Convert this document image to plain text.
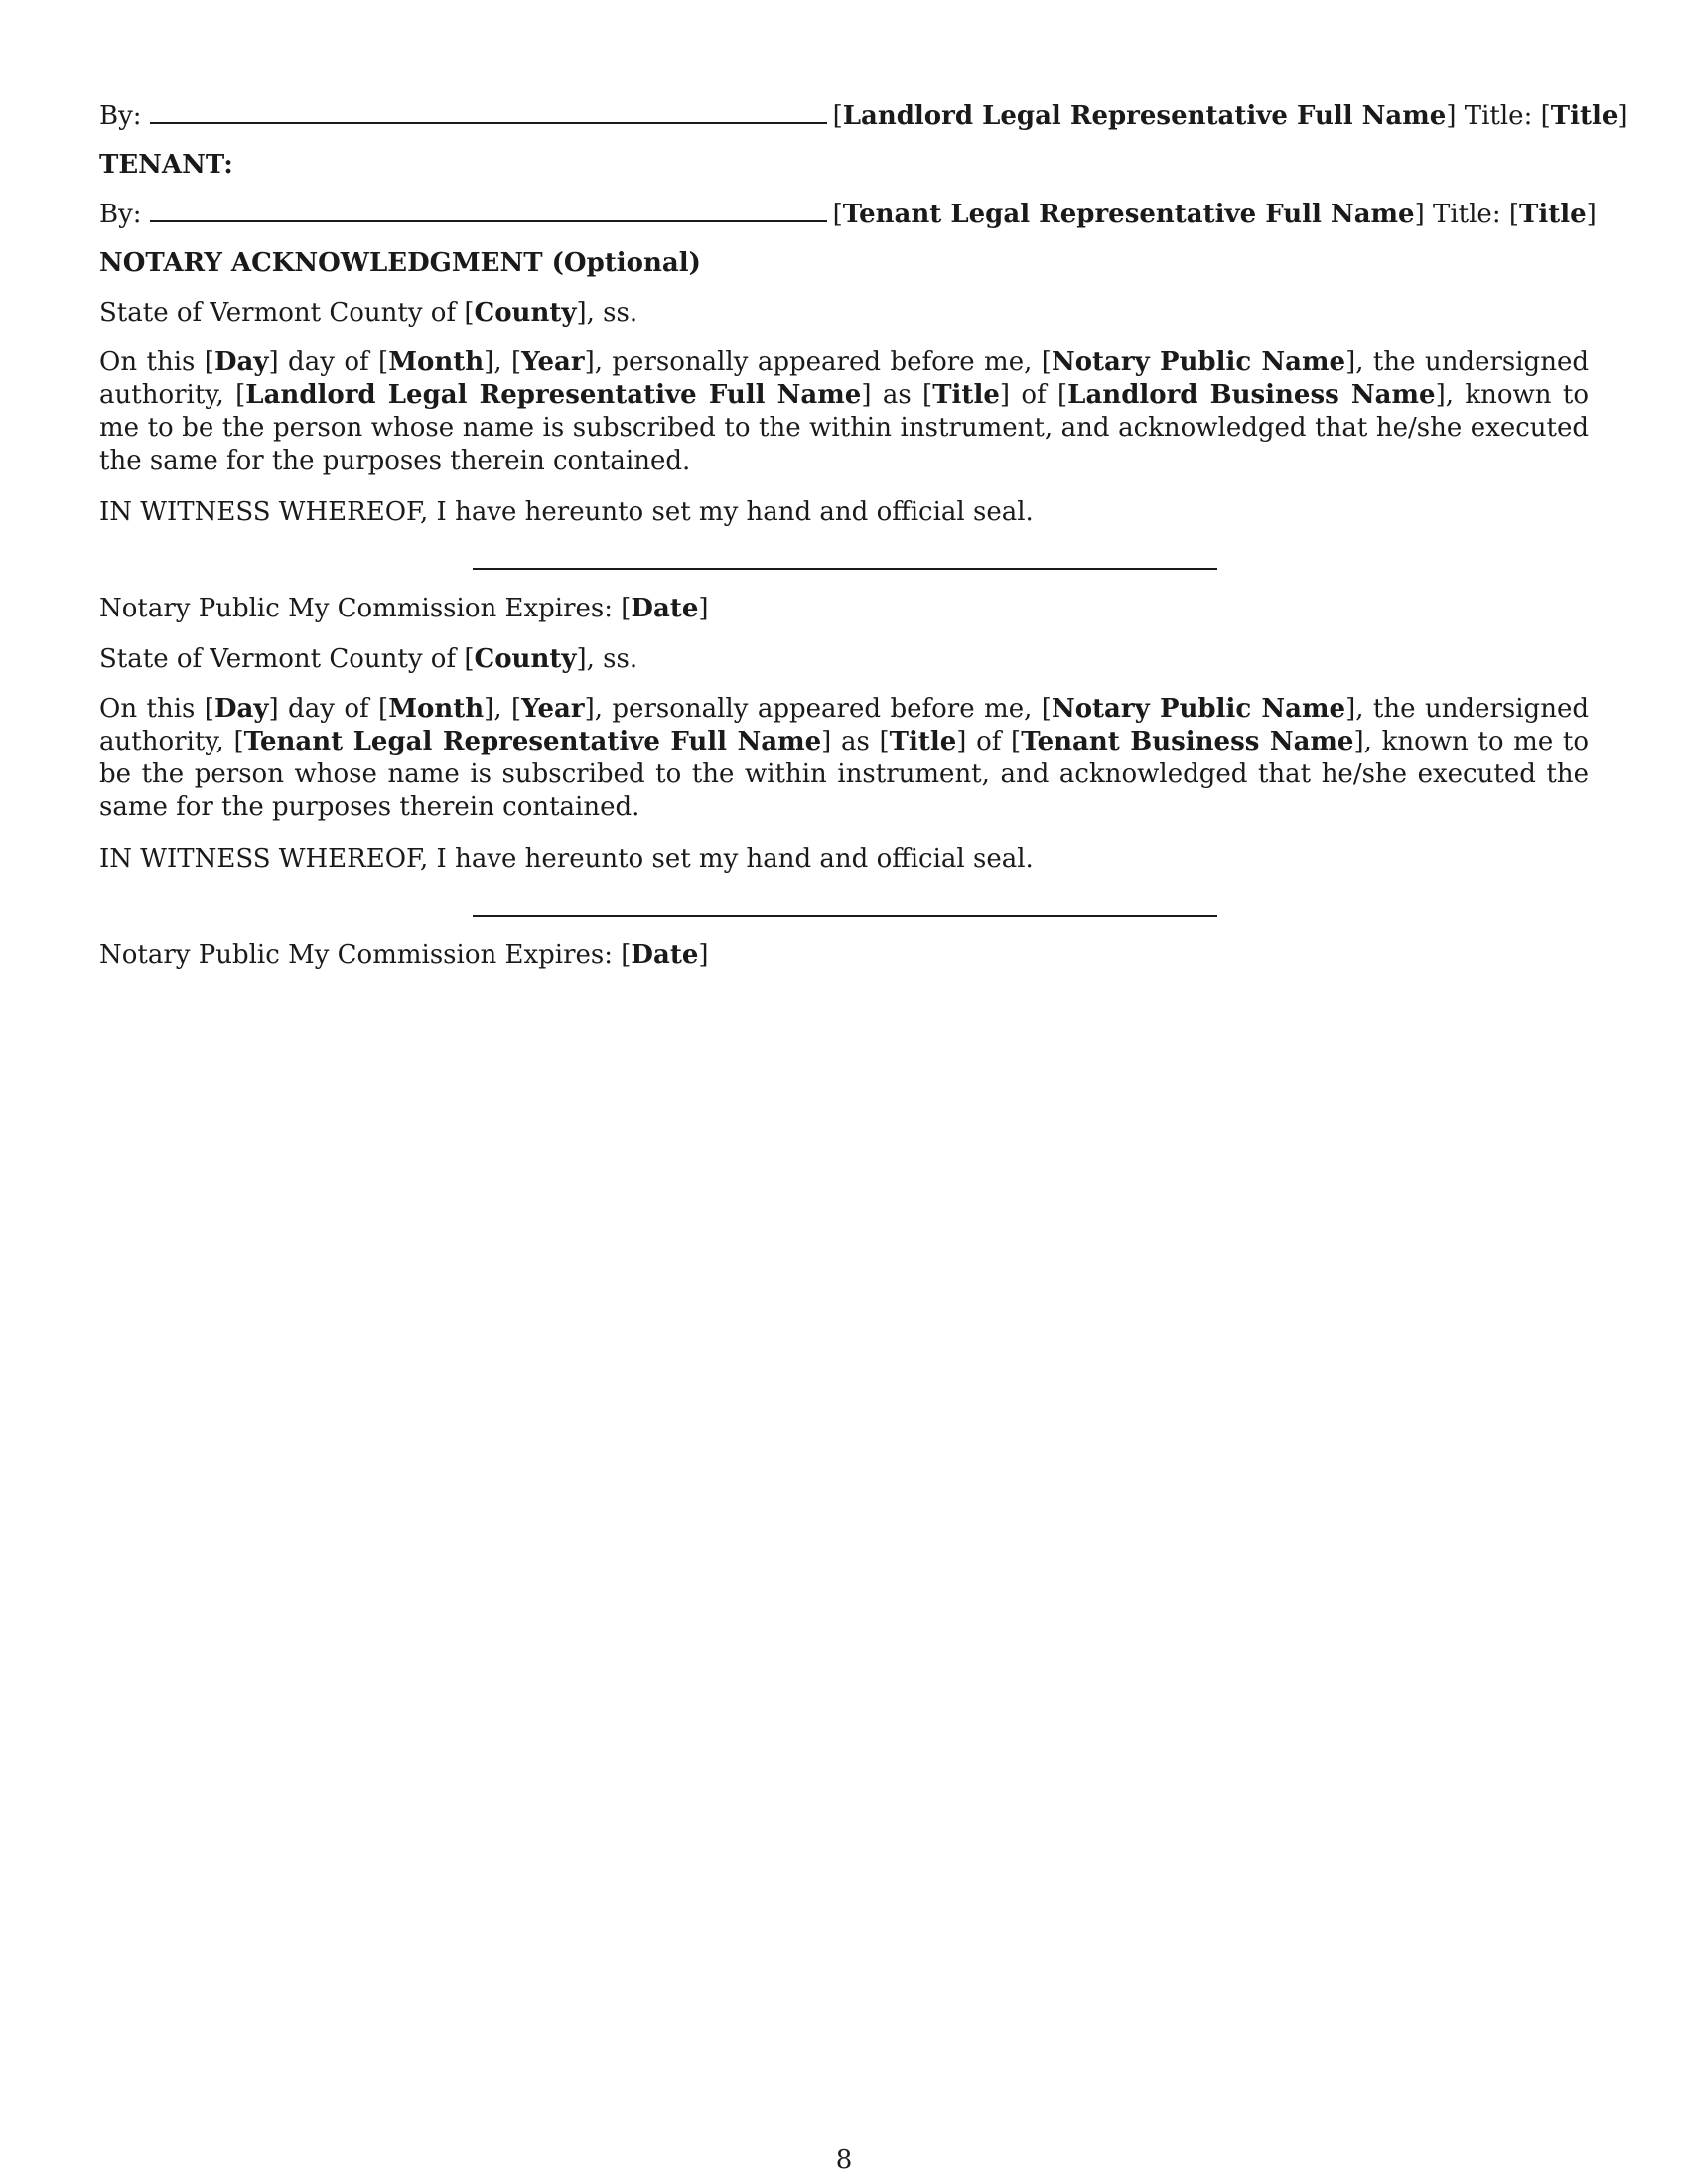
By:	[Landlord Legal Representative Full Name] Title: [Title]
TENANT:
By:	[Tenant Legal Representative Full Name] Title: [Title]
NOTARY ACKNOWLEDGMENT (Optional)
State of Vermont County of [County], ss.
On this [Day] day of [Month], [Year], personally appeared before me, [Notary Public Name], the undersigned authority, [Landlord Legal Representative Full Name] as [Title] of [Landlord Business Name], known to me to be the person whose name is subscribed to the within instrument, and acknowledged that he/she executed the same for the purposes therein contained.
IN WITNESS WHEREOF, I have hereunto set my hand and official seal.
Notary Public My Commission Expires: [Date]
State of Vermont County of [County], ss.
On this [Day] day of [Month], [Year], personally appeared before me, [Notary Public Name], the undersigned authority, [Tenant Legal Representative Full Name] as [Title] of [Tenant Business Name], known to me to be the person whose name is subscribed to the within instrument, and acknowledged that he/she executed the same for the purposes therein contained.
IN WITNESS WHEREOF, I have hereunto set my hand and official seal.
Notary Public My Commission Expires: [Date]
8
